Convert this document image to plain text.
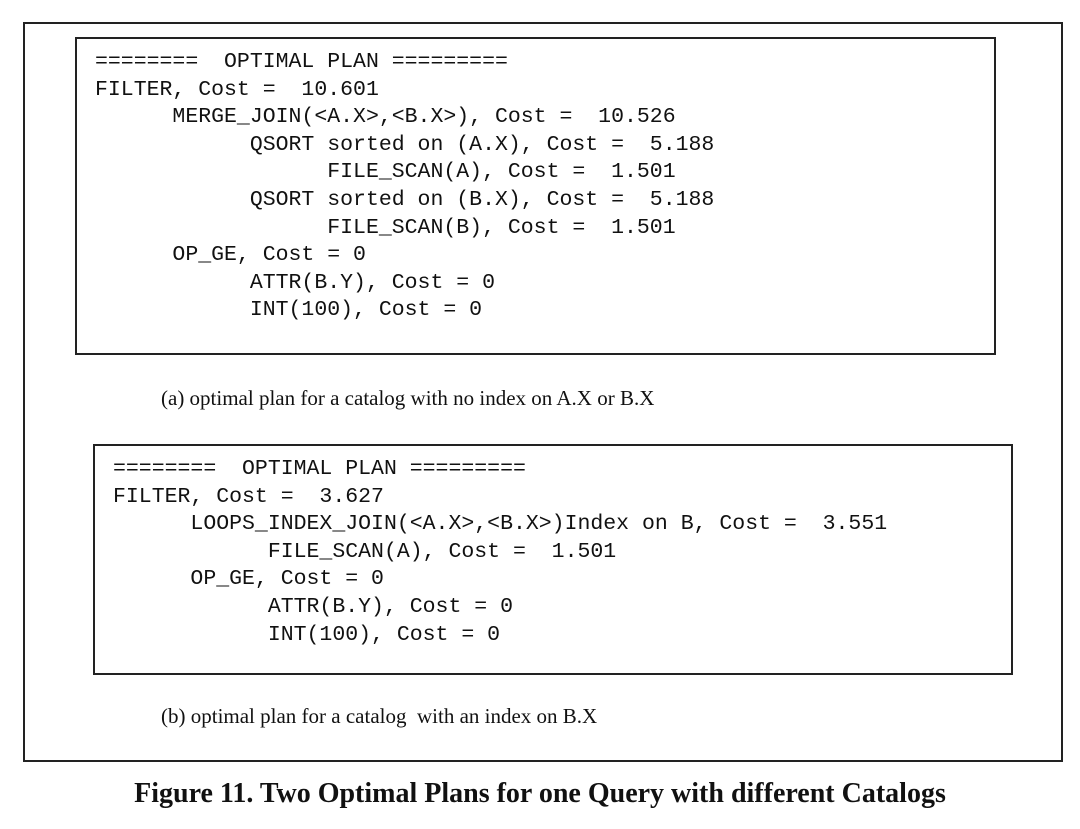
========  OPTIMAL PLAN =========
FILTER, Cost =  10.601
MERGE_JOIN(<A.X>,<B.X>), Cost =  10.526
QSORT sorted on (A.X), Cost =  5.188
FILE_SCAN(A), Cost =  1.501
QSORT sorted on (B.X), Cost =  5.188
FILE_SCAN(B), Cost =  1.501
OP_GE, Cost = 0
ATTR(B.Y), Cost = 0
INT(100), Cost = 0
(a) optimal plan for a catalog with no index on A.X or B.X
========  OPTIMAL PLAN =========
FILTER, Cost =  3.627
LOOPS_INDEX_JOIN(<A.X>,<B.X>)Index on B, Cost =  3.551
FILE_SCAN(A), Cost =  1.501
OP_GE, Cost = 0
ATTR(B.Y), Cost = 0
INT(100), Cost = 0
(b) optimal plan for a catalog  with an index on B.X
Figure 11. Two Optimal Plans for one Query with different Catalogs
